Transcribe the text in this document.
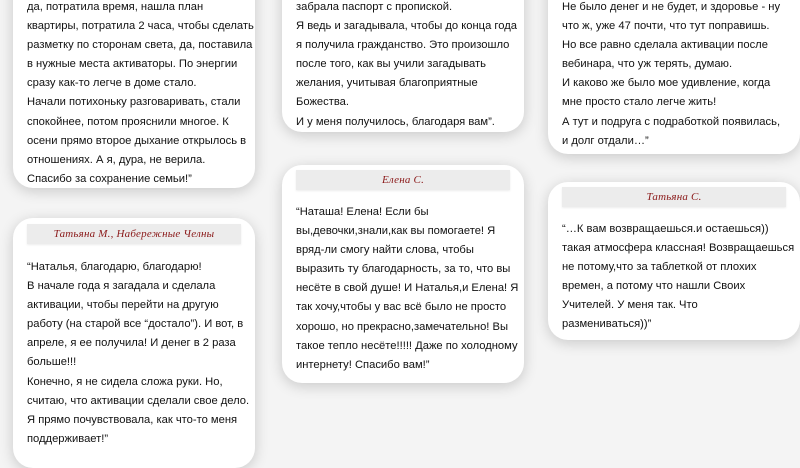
да, потратила время, нашла план
квартиры, потратила 2 часа, чтобы сделать
разметку по сторонам света, да, поставила
в нужные места активаторы. По энергии
сразу как-то легче в доме стало.
Начали потихоньку разговаривать, стали
спокойнее, потом прояснили многое. К
осени прямо второе дыхание открылось в
отношениях. А я, дура, не верила.
Спасибо за сохранение семьи!”
забрала паспорт с пропиской.
Я ведь и загадывала, чтобы до конца года
я получила гражданство. Это произошло
после того, как вы учили загадывать
желания, учитывая благоприятные
Божества.
И у меня получилось, благодаря вам”.
Не было денег и не будет, и здоровье - ну
что ж, уже 47 почти, что тут поправишь.
Но все равно сделала активации после
вебинара, что уж терять, думаю.
И каково же было мое удивление, когда
мне просто стало легче жить!
А тут и подруга с подработкой появилась,
и долг отдали…”
Елена С.
“Наташа! Елена! Если бы
вы,девочки,знали,как вы помогаете! Я
вряд-ли смогу найти слова, чтобы
выразить ту благодарность, за то, что вы
несёте в свой душе! И Наталья,и Елена! Я
так хочу,чтобы у вас всё было не просто
хорошо, но прекрасно,замечательно! Вы
такое тепло несёте!!!!! Даже по холодному
интернету! Спасибо вам!”
Татьяна М., Набережные Челны
“Наталья, благодарю, благодарю!
В начале года я загадала и сделала
активации, чтобы перейти на другую
работу (на старой все “достало”). И вот, в
апреле, я ее получила! И денег в 2 раза
больше!!!
Конечно, я не сидела сложа руки. Но,
считаю, что активации сделали свое дело.
Я прямо почувствовала, как что-то меня
поддерживает!”
Татьяна С.
“…К вам возвращаешься.и остаешься))
такая атмосфера классная! Возвращаешься
не потому,что за таблеткой от плохих
времен, а потому что нашли Своих
Учителей. У меня так. Что
размениваться))”
